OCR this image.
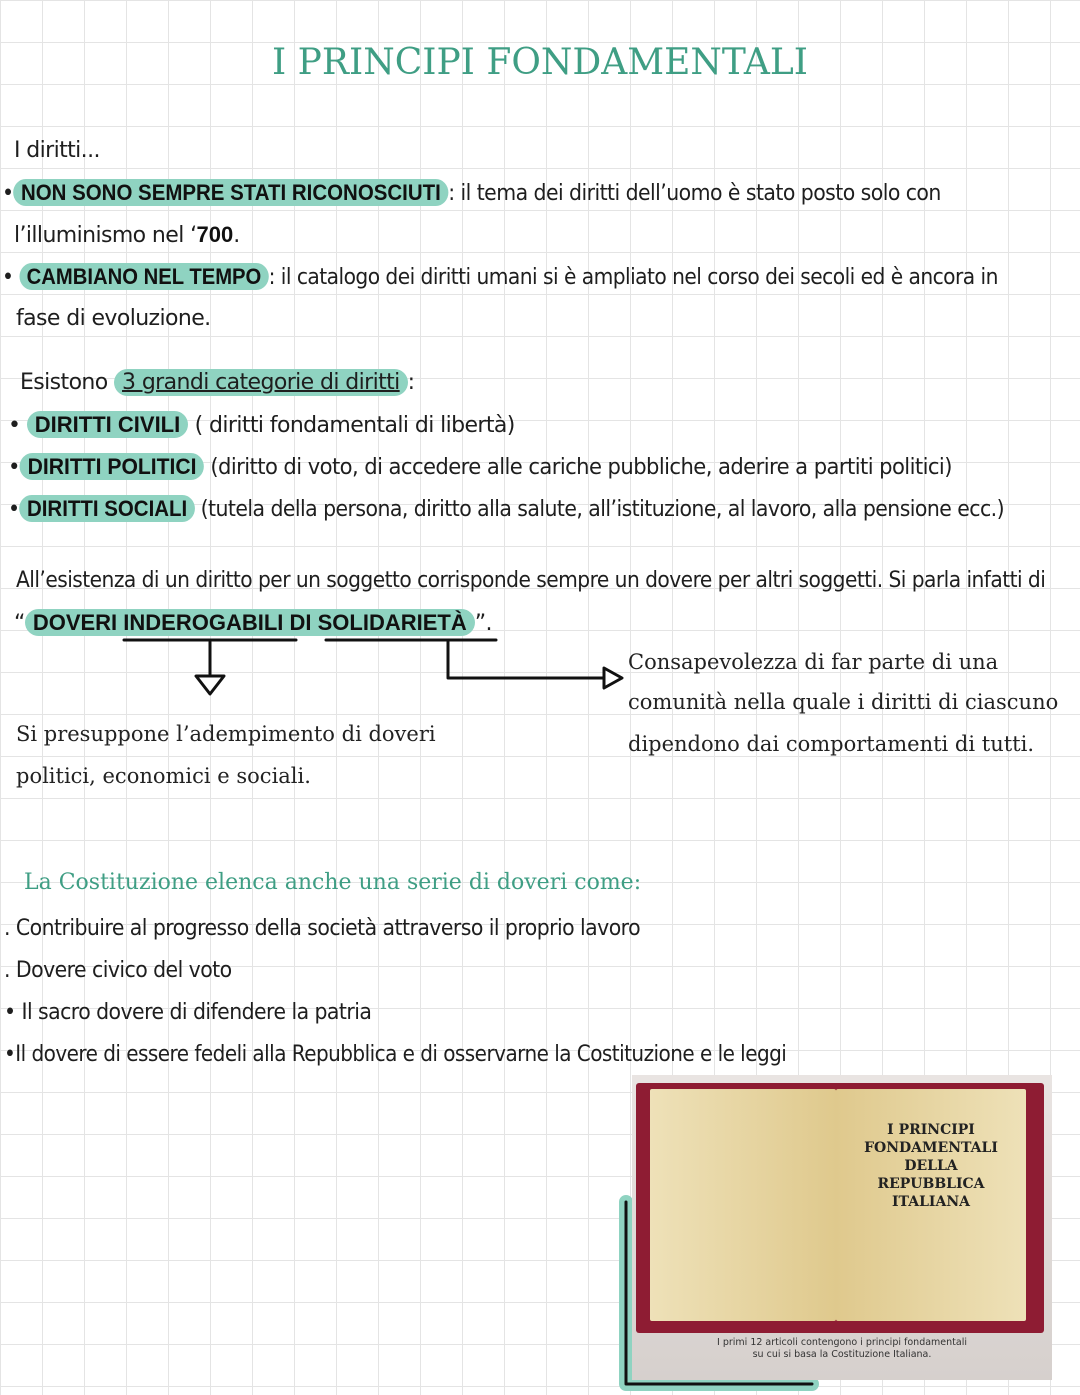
I PRINCIPI FONDAMENTALI
I diritti...
• NON SONO SEMPRE STATI RICONOSCIUTI : il tema dei diritti dell’uomo è stato posto solo con
l’illuminismo nel ‘700.
• CAMBIANO NEL TEMPO : il catalogo dei diritti umani si è ampliato nel corso dei secoli ed è ancora in
fase di evoluzione.
Esistono 3 grandi categorie di diritti :
• DIRITTI CIVILI ( diritti fondamentali di libertà)
• DIRITTI POLITICI (diritto di voto, di accedere alle cariche pubbliche, aderire a partiti politici)
• DIRITTI SOCIALI (tutela della persona, diritto alla salute, all’istituzione, al lavoro, alla pensione ecc.)
All’esistenza di un diritto per un soggetto corrisponde sempre un dovere per altri soggetti. Si parla infatti di
“ DOVERI INDEROGABILI DI SOLIDARIETÀ ”.
Si presuppone l’adempimento di doveri
politici, economici e sociali.
Consapevolezza di far parte di una
comunità nella quale i diritti di ciascuno
dipendono dai comportamenti di tutti.
La Costituzione elenca anche una serie di doveri come:
. Contribuire al progresso della società attraverso il proprio lavoro
. Dovere civico del voto
• Il sacro dovere di difendere la patria
•Il dovere di essere fedeli alla Repubblica e di osservarne la Costituzione e le leggi
I PRINCIPI
FONDAMENTALI
DELLA
REPUBBLICA
ITALIANA
I primi 12 articoli contengono i principi fondamentali
su cui si basa la Costituzione Italiana.
